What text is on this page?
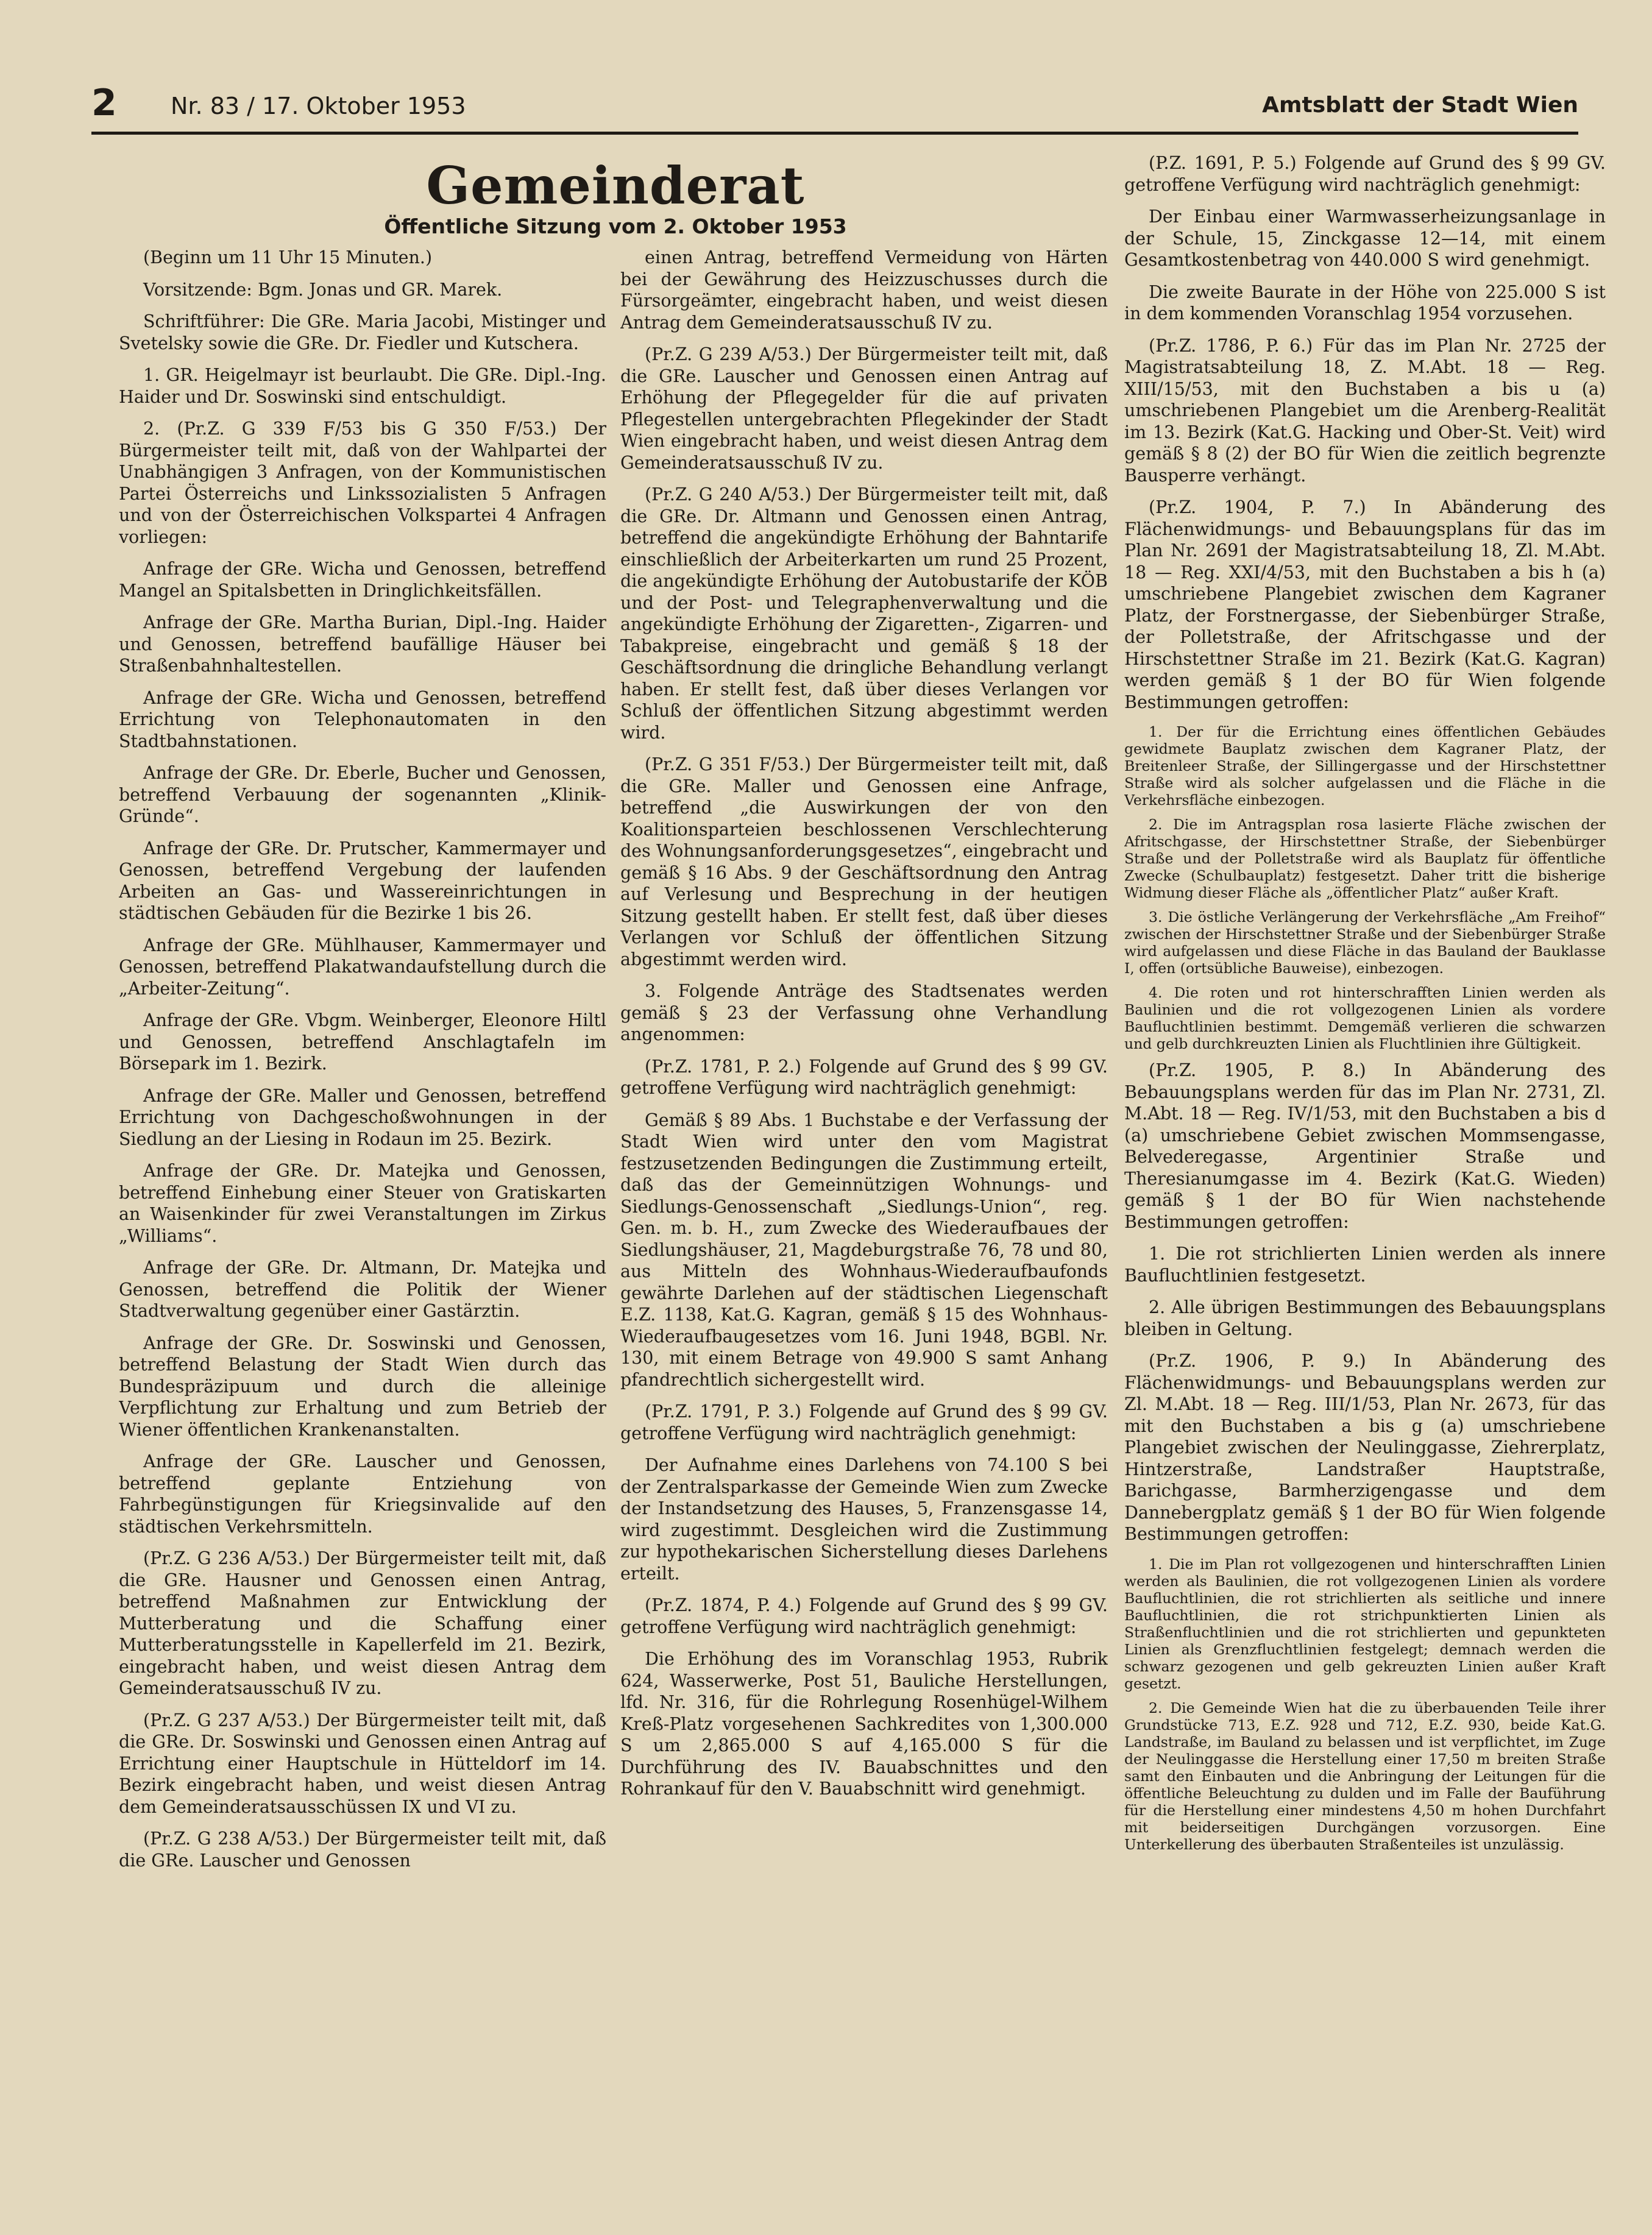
2 Nr. 83 / 17. Oktober 1953	Amtsblatt der Stadt Wien
Gemeinderat
Öffentliche Sitzung vom 2. Oktober 1953

(Beginn um 11 Uhr 15 Minuten.)

Vorsitzende: Bgm. Jonas und GR. Marek.

Schriftführer: Die GRe. Maria Jacobi, Mistinger und Svetelsky sowie die GRe. Dr. Fiedler und Kutschera.

1. GR. Heigelmayr ist beurlaubt. Die GRe. Dipl.-Ing. Haider und Dr. Soswinski sind entschuldigt.

2. (Pr.Z. G 339 F/53 bis G 350 F/53.) Der Bürgermeister teilt mit, daß von der Wahlpartei der Unabhängigen 3 Anfragen, von der Kommunistischen Partei Österreichs und Linkssozialisten 5 Anfragen und von der Österreichischen Volkspartei 4 Anfragen vorliegen:

Anfrage der GRe. Wicha und Genossen, betreffend Mangel an Spitalsbetten in Dringlichkeitsfällen.

Anfrage der GRe. Martha Burian, Dipl.-Ing. Haider und Genossen, betreffend baufällige Häuser bei Straßenbahnhaltestellen.

Anfrage der GRe. Wicha und Genossen, betreffend Errichtung von Telephonautomaten in den Stadtbahnstationen.

Anfrage der GRe. Dr. Eberle, Bucher und Genossen, betreffend Verbauung der sogenannten „Klinik-Gründe“.

Anfrage der GRe. Dr. Prutscher, Kammermayer und Genossen, betreffend Vergebung der laufenden Arbeiten an Gas- und Wassereinrichtungen in städtischen Gebäuden für die Bezirke 1 bis 26.

Anfrage der GRe. Mühlhauser, Kammermayer und Genossen, betreffend Plakatwandaufstellung durch die „Arbeiter-Zeitung“.

Anfrage der GRe. Vbgm. Weinberger, Eleonore Hiltl und Genossen, betreffend Anschlagtafeln im Börsepark im 1. Bezirk.

Anfrage der GRe. Maller und Genossen, betreffend Errichtung von Dachgeschoßwohnungen in der Siedlung an der Liesing in Rodaun im 25. Bezirk.

Anfrage der GRe. Dr. Matejka und Genossen, betreffend Einhebung einer Steuer von Gratiskarten an Waisenkinder für zwei Veranstaltungen im Zirkus „Williams“.

Anfrage der GRe. Dr. Altmann, Dr. Matejka und Genossen, betreffend die Politik der Wiener Stadtverwaltung gegenüber einer Gastärztin.

Anfrage der GRe. Dr. Soswinski und Genossen, betreffend Belastung der Stadt Wien durch das Bundespräzipuum und durch die alleinige Verpflichtung zur Erhaltung und zum Betrieb der Wiener öffentlichen Krankenanstalten.

Anfrage der GRe. Lauscher und Genossen, betreffend geplante Entziehung von Fahrbegünstigungen für Kriegsinvalide auf den städtischen Verkehrsmitteln.

(Pr.Z. G 236 A/53.) Der Bürgermeister teilt mit, daß die GRe. Hausner und Genossen einen Antrag, betreffend Maßnahmen zur Entwicklung der Mutterberatung und die Schaffung einer Mutterberatungsstelle in Kapellerfeld im 21. Bezirk, eingebracht haben, und weist diesen Antrag dem Gemeinderatsausschuß IV zu.

(Pr.Z. G 237 A/53.) Der Bürgermeister teilt mit, daß die GRe. Dr. Soswinski und Genossen einen Antrag auf Errichtung einer Hauptschule in Hütteldorf im 14. Bezirk eingebracht haben, und weist diesen Antrag dem Gemeinderatsausschüssen IX und VI zu.

(Pr.Z. G 238 A/53.) Der Bürgermeister teilt mit, daß die GRe. Lauscher und Genossen

einen Antrag, betreffend Vermeidung von Härten bei der Gewährung des Heizzuschusses durch die Fürsorgeämter, eingebracht haben, und weist diesen Antrag dem Gemeinderatsausschuß IV zu.

(Pr.Z. G 239 A/53.) Der Bürgermeister teilt mit, daß die GRe. Lauscher und Genossen einen Antrag auf Erhöhung der Pflegegelder für die auf privaten Pflegestellen untergebrachten Pflegekinder der Stadt Wien eingebracht haben, und weist diesen Antrag dem Gemeinderatsausschuß IV zu.

(Pr.Z. G 240 A/53.) Der Bürgermeister teilt mit, daß die GRe. Dr. Altmann und Genossen einen Antrag, betreffend die angekündigte Erhöhung der Bahntarife einschließlich der Arbeiterkarten um rund 25 Prozent, die angekündigte Erhöhung der Autobustarife der KÖB und der Post- und Telegraphenverwaltung und die angekündigte Erhöhung der Zigaretten-, Zigarren- und Tabakpreise, eingebracht und gemäß § 18 der Geschäftsordnung die dringliche Behandlung verlangt haben. Er stellt fest, daß über dieses Verlangen vor Schluß der öffentlichen Sitzung abgestimmt werden wird.

(Pr.Z. G 351 F/53.) Der Bürgermeister teilt mit, daß die GRe. Maller und Genossen eine Anfrage, betreffend „die Auswirkungen der von den Koalitionsparteien beschlossenen Verschlechterung des Wohnungsanforderungsgesetzes“, eingebracht und gemäß § 16 Abs. 9 der Geschäftsordnung den Antrag auf Verlesung und Besprechung in der heutigen Sitzung gestellt haben. Er stellt fest, daß über dieses Verlangen vor Schluß der öffentlichen Sitzung abgestimmt werden wird.

3. Folgende Anträge des Stadtsenates werden gemäß § 23 der Verfassung ohne Verhandlung angenommen:

(Pr.Z. 1781, P. 2.) Folgende auf Grund des § 99 GV. getroffene Verfügung wird nachträglich genehmigt:

Gemäß § 89 Abs. 1 Buchstabe e der Verfassung der Stadt Wien wird unter den vom Magistrat festzusetzenden Bedingungen die Zustimmung erteilt, daß das der Gemeinnützigen Wohnungs- und Siedlungs-Genossenschaft „Siedlungs-Union“, reg. Gen. m. b. H., zum Zwecke des Wiederaufbaues der Siedlungshäuser, 21, Magdeburgstraße 76, 78 und 80, aus Mitteln des Wohnhaus-Wiederaufbaufonds gewährte Darlehen auf der städtischen Liegenschaft E.Z. 1138, Kat.G. Kagran, gemäß § 15 des Wohnhaus-Wiederaufbaugesetzes vom 16. Juni 1948, BGBl. Nr. 130, mit einem Betrage von 49.900 S samt Anhang pfandrechtlich sichergestellt wird.

(Pr.Z. 1791, P. 3.) Folgende auf Grund des § 99 GV. getroffene Verfügung wird nachträglich genehmigt:

Der Aufnahme eines Darlehens von 74.100 S bei der Zentralsparkasse der Gemeinde Wien zum Zwecke der Instandsetzung des Hauses, 5, Franzensgasse 14, wird zugestimmt. Desgleichen wird die Zustimmung zur hypothekarischen Sicherstellung dieses Darlehens erteilt.

(Pr.Z. 1874, P. 4.) Folgende auf Grund des § 99 GV. getroffene Verfügung wird nachträglich genehmigt:

Die Erhöhung des im Voranschlag 1953, Rubrik 624, Wasserwerke, Post 51, Bauliche Herstellungen, lfd. Nr. 316, für die Rohrlegung Rosenhügel-Wilhem Kreß-Platz vorgesehenen Sachkredites von 1,300.000 S um 2,865.000 S auf 4,165.000 S für die Durchführung des IV. Bauabschnittes und den Rohrankauf für den V. Bauabschnitt wird genehmigt.

(P.Z. 1691, P. 5.) Folgende auf Grund des § 99 GV. getroffene Verfügung wird nachträglich genehmigt:

Der Einbau einer Warmwasserheizungsanlage in der Schule, 15, Zinckgasse 12—14, mit einem Gesamtkostenbetrag von 440.000 S wird genehmigt.

Die zweite Baurate in der Höhe von 225.000 S ist in dem kommenden Voranschlag 1954 vorzusehen.

(Pr.Z. 1786, P. 6.) Für das im Plan Nr. 2725 der Magistratsabteilung 18, Z. M.Abt. 18 — Reg. XIII/15/53, mit den Buchstaben a bis u (a) umschriebenen Plangebiet um die Arenberg-Realität im 13. Bezirk (Kat.G. Hacking und Ober-St. Veit) wird gemäß § 8 (2) der BO für Wien die zeitlich begrenzte Bausperre verhängt.

(Pr.Z. 1904, P. 7.) In Abänderung des Flächenwidmungs- und Bebauungsplans für das im Plan Nr. 2691 der Magistratsabteilung 18, Zl. M.Abt. 18 — Reg. XXI/4/53, mit den Buchstaben a bis h (a) umschriebene Plangebiet zwischen dem Kagraner Platz, der Forstnergasse, der Siebenbürger Straße, der Polletstraße, der Afritschgasse und der Hirschstettner Straße im 21. Bezirk (Kat.G. Kagran) werden gemäß § 1 der BO für Wien folgende Bestimmungen getroffen:

1. Der für die Errichtung eines öffentlichen Gebäudes gewidmete Bauplatz zwischen dem Kagraner Platz, der Breitenleer Straße, der Sillingergasse und der Hirschstettner Straße wird als solcher aufgelassen und die Fläche in die Verkehrsfläche einbezogen.

2. Die im Antragsplan rosa lasierte Fläche zwischen der Afritschgasse, der Hirschstettner Straße, der Siebenbürger Straße und der Polletstraße wird als Bauplatz für öffentliche Zwecke (Schulbauplatz) festgesetzt. Daher tritt die bisherige Widmung dieser Fläche als „öffentlicher Platz“ außer Kraft.

3. Die östliche Verlängerung der Verkehrsfläche „Am Freihof“ zwischen der Hirschstettner Straße und der Siebenbürger Straße wird aufgelassen und diese Fläche in das Bauland der Bauklasse I, offen (ortsübliche Bauweise), einbezogen.

4. Die roten und rot hinterschrafften Linien werden als Baulinien und die rot vollgezogenen Linien als vordere Baufluchtlinien bestimmt. Demgemäß verlieren die schwarzen und gelb durchkreuzten Linien als Fluchtlinien ihre Gültigkeit.

(Pr.Z. 1905, P. 8.) In Abänderung des Bebauungsplans werden für das im Plan Nr. 2731, Zl. M.Abt. 18 — Reg. IV/1/53, mit den Buchstaben a bis d (a) umschriebene Gebiet zwischen Mommsengasse, Belvederegasse, Argentinier Straße und Theresianumgasse im 4. Bezirk (Kat.G. Wieden) gemäß § 1 der BO für Wien nachstehende Bestimmungen getroffen:

1. Die rot strichlierten Linien werden als innere Baufluchtlinien festgesetzt.

2. Alle übrigen Bestimmungen des Bebauungsplans bleiben in Geltung.

(Pr.Z. 1906, P. 9.) In Abänderung des Flächenwidmungs- und Bebauungsplans werden zur Zl. M.Abt. 18 — Reg. III/1/53, Plan Nr. 2673, für das mit den Buchstaben a bis g (a) umschriebene Plangebiet zwischen der Neulinggasse, Ziehrerplatz, Hintzerstraße, Landstraßer Hauptstraße, Barichgasse, Barmherzigengasse und dem Dannebergplatz gemäß § 1 der BO für Wien folgende Bestimmungen getroffen:

1. Die im Plan rot vollgezogenen und hinterschrafften Linien werden als Baulinien, die rot vollgezogenen Linien als vordere Baufluchtlinien, die rot strichlierten als seitliche und innere Baufluchtlinien, die rot strichpunktierten Linien als Straßenfluchtlinien und die rot strichlierten und gepunkteten Linien als Grenzfluchtlinien festgelegt; demnach werden die schwarz gezogenen und gelb gekreuzten Linien außer Kraft gesetzt.

2. Die Gemeinde Wien hat die zu überbauenden Teile ihrer Grundstücke 713, E.Z. 928 und 712, E.Z. 930, beide Kat.G. Landstraße, im Bauland zu belassen und ist verpflichtet, im Zuge der Neulinggasse die Herstellung einer 17,50 m breiten Straße samt den Einbauten und die Anbringung der Leitungen für die öffentliche Beleuchtung zu dulden und im Falle der Bauführung für die Herstellung einer mindestens 4,50 m hohen Durchfahrt mit beiderseitigen Durchgängen vorzusorgen. Eine Unterkellerung des überbauten Straßenteiles ist unzulässig.
